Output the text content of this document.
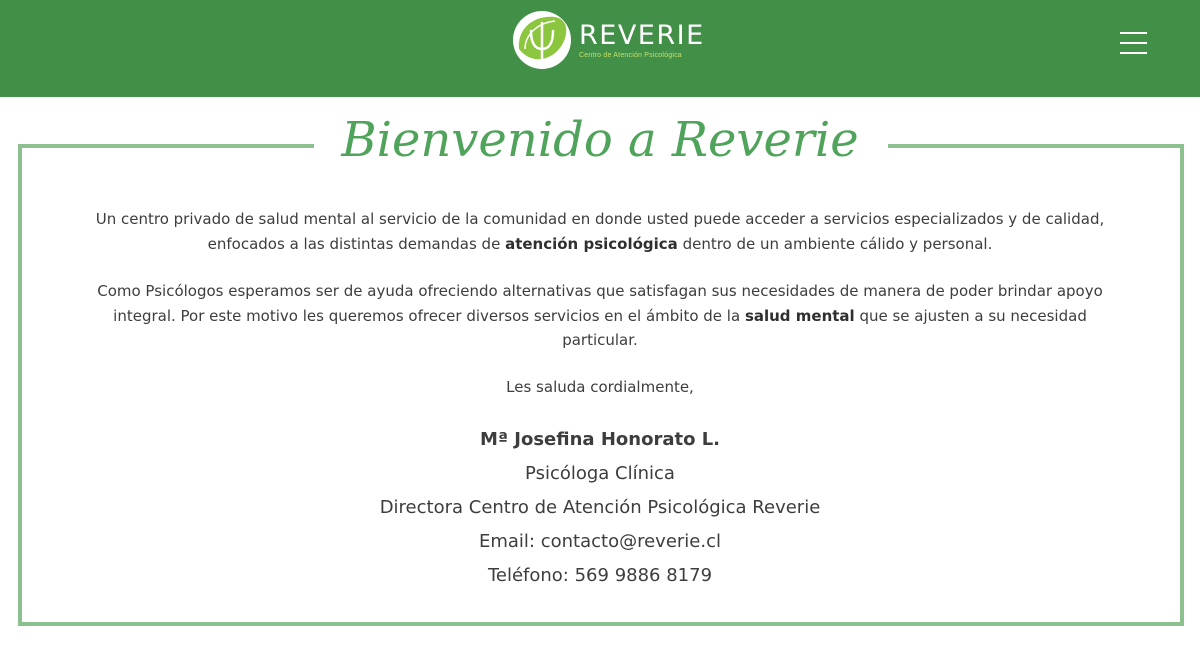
REVERIE
Centro de Atención Psicológica
Bienvenido a Reverie

Un centro privado de salud mental al servicio de la comunidad en donde usted puede acceder a servicios especializados y de calidad, enfocados a las distintas demandas de atención psicológica dentro de un ambiente cálido y personal.

Como Psicólogos esperamos ser de ayuda ofreciendo alternativas que satisfagan sus necesidades de manera de poder brindar apoyo integral. Por este motivo les queremos ofrecer diversos servicios en el ámbito de la salud mental que se ajusten a su necesidad particular.

Les saluda cordialmente,
Mª Josefina Honorato L.
Psicóloga Clínica
Directora Centro de Atención Psicológica Reverie
Email: contacto@reverie.cl
Teléfono: 569 9886 8179
